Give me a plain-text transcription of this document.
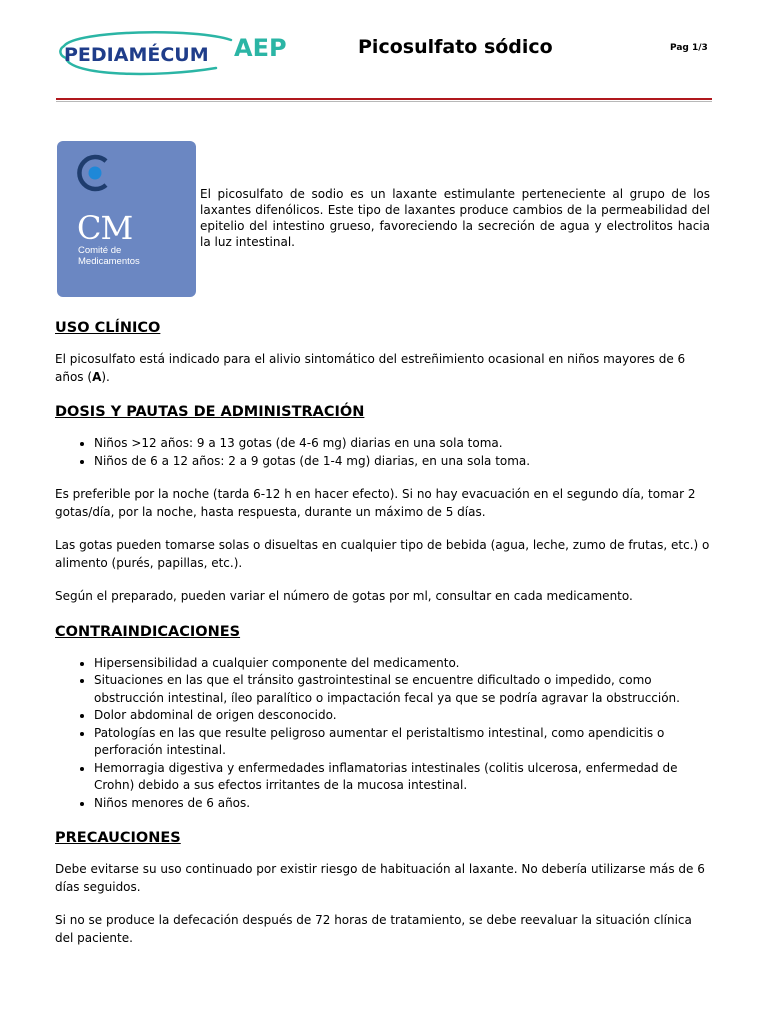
PEDIAMÉCUM AEP	Picosulfato sódico	Pag 1/3
CM
Comité de
Medicamentos

El picosulfato de sodio es un laxante estimulante perteneciente al grupo de los laxantes difenólicos. Este tipo de laxantes produce cambios de la permeabilidad del epitelio del intestino grueso, favoreciendo la secreción de agua y electrolitos hacia la luz intestinal.

USO CLÍNICO

El picosulfato está indicado para el alivio sintomático del estreñimiento ocasional en niños mayores de 6 años (A).

DOSIS Y PAUTAS DE ADMINISTRACIÓN
• Niños >12 años: 9 a 13 gotas (de 4-6 mg) diarias en una sola toma.
• Niños de 6 a 12 años: 2 a 9 gotas (de 1-4 mg) diarias, en una sola toma.

Es preferible por la noche (tarda 6-12 h en hacer efecto). Si no hay evacuación en el segundo día, tomar 2 gotas/día, por la noche, hasta respuesta, durante un máximo de 5 días.

Las gotas pueden tomarse solas o disueltas en cualquier tipo de bebida (agua, leche, zumo de frutas, etc.) o alimento (purés, papillas, etc.).

Según el preparado, pueden variar el número de gotas por ml, consultar en cada medicamento.

CONTRAINDICACIONES
• Hipersensibilidad a cualquier componente del medicamento.
• Situaciones en las que el tránsito gastrointestinal se encuentre dificultado o impedido, como obstrucción intestinal, íleo paralítico o impactación fecal ya que se podría agravar la obstrucción.
• Dolor abdominal de origen desconocido.
• Patologías en las que resulte peligroso aumentar el peristaltismo intestinal, como apendicitis o perforación intestinal.
• Hemorragia digestiva y enfermedades inflamatorias intestinales (colitis ulcerosa, enfermedad de Crohn) debido a sus efectos irritantes de la mucosa intestinal.
• Niños menores de 6 años.
PRECAUCIONES

Debe evitarse su uso continuado por existir riesgo de habituación al laxante. No debería utilizarse más de 6 días seguidos.

Si no se produce la defecación después de 72 horas de tratamiento, se debe reevaluar la situación clínica del paciente.
